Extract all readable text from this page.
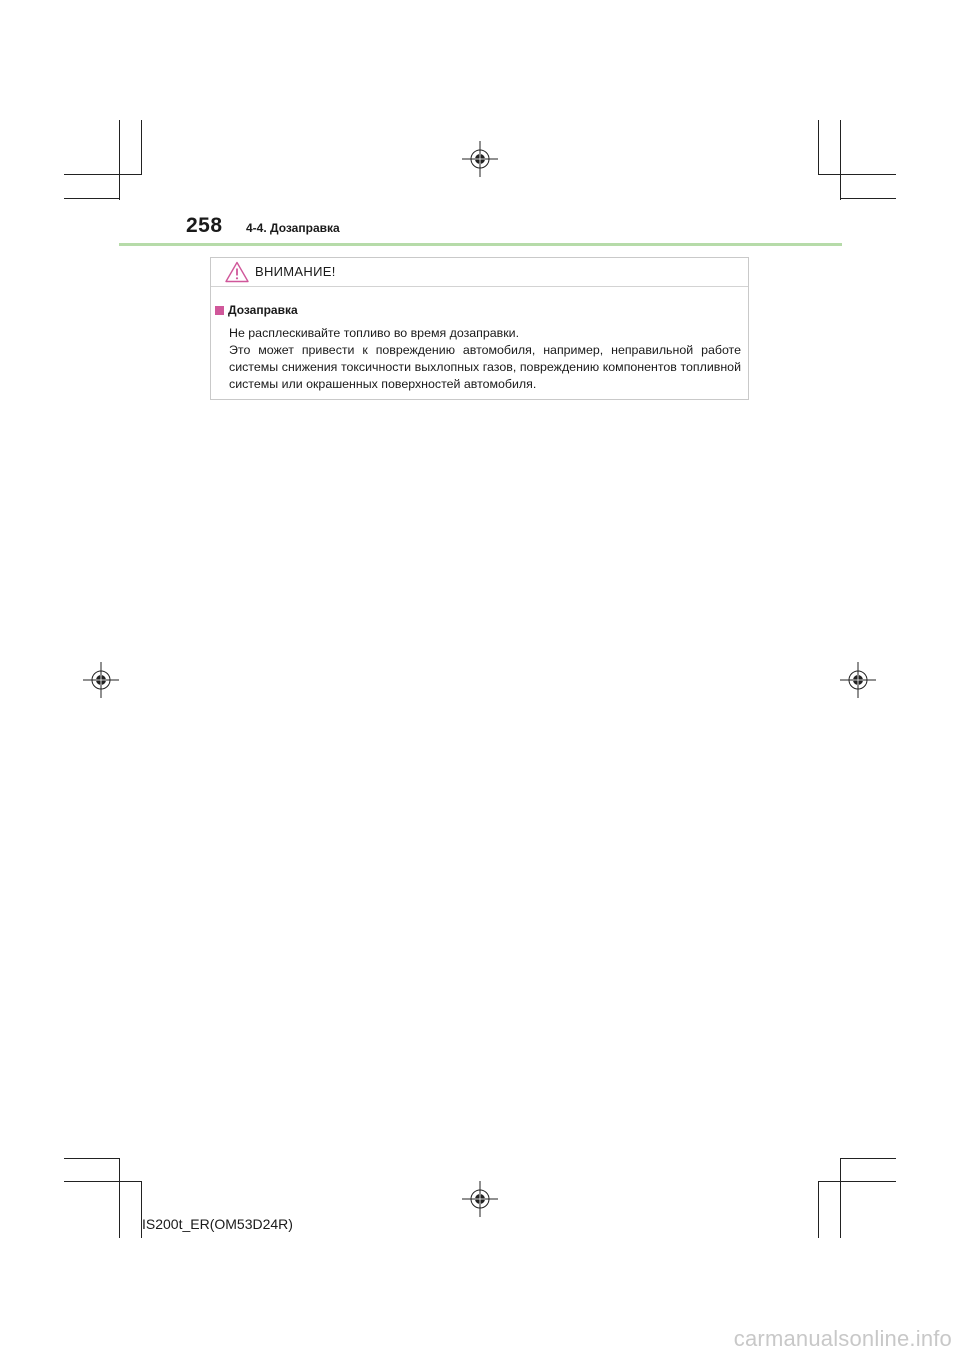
258 4-4. Дозаправка
ВНИМАНИЕ!
Дозаправка

Не расплескивайте топливо во время дозаправки.

Это может привести к повреждению автомобиля, например, неправильной работе системы снижения токсичности выхлопных газов, повреждению компонентов топливной системы или окрашенных поверхностей автомобиля.

IS200t_ER(OM53D24R)
carmanualsonline.info
